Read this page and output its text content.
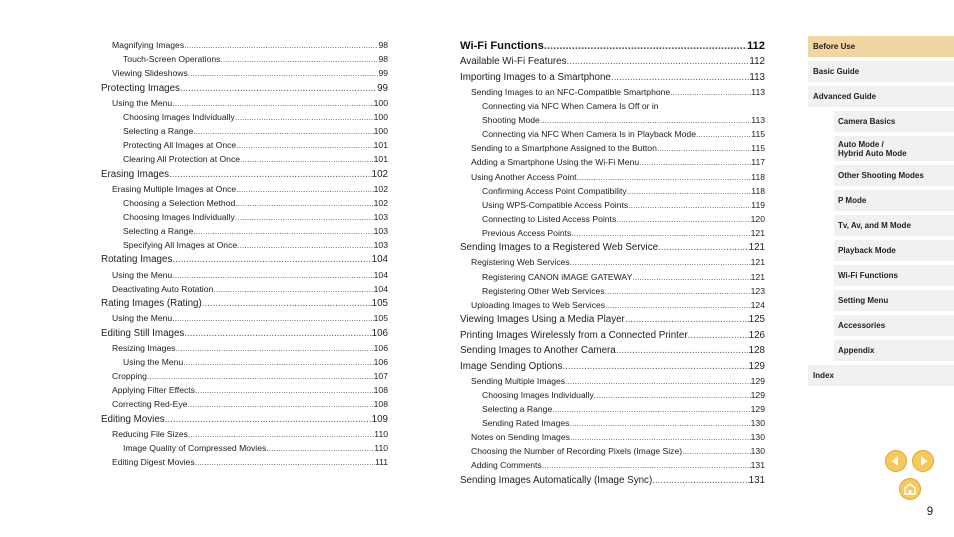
Magnifying Images .....	98
Touch-Screen Operations .....	98
Viewing Slideshows .....	99
Protecting Images .....	99
Using the Menu .....	100
Choosing Images Individually .....	100
Selecting a Range .....	100
Protecting All Images at Once .....	101
Clearing All Protection at Once .....	101
Erasing Images .....	102
Erasing Multiple Images at Once .....	102
Choosing a Selection Method .....	102
Choosing Images Individually .....	103
Selecting a Range .....	103
Specifying All Images at Once .....	103
Rotating Images .....	104
Using the Menu .....	104
Deactivating Auto Rotation .....	104
Rating Images (Rating) .....	105
Using the Menu .....	105
Editing Still Images .....	106
Resizing Images .....	106
Using the Menu .....	106
Cropping .....	107
Applying Filter Effects .....	108
Correcting Red-Eye .....	108
Editing Movies .....	109
Reducing File Sizes .....	110
Image Quality of Compressed Movies .....	110
Editing Digest Movies .....	111
Wi-Fi Functions .....	112
Available Wi-Fi Features .....	112
Importing Images to a Smartphone .....	113
Sending Images to an NFC-Compatible Smartphone .....	113
Connecting via NFC When Camera Is Off or in
Shooting Mode .....	113
Connecting via NFC When Camera Is in Playback Mode .....	115
Sending to a Smartphone Assigned to the Button .....	115
Adding a Smartphone Using the Wi-Fi Menu .....	117
Using Another Access Point .....	118
Confirming Access Point Compatibility .....	118
Using WPS-Compatible Access Points .....	119
Connecting to Listed Access Points .....	120
Previous Access Points .....	121
Sending Images to a Registered Web Service .....	121
Registering Web Services .....	121
Registering CANON iMAGE GATEWAY .....	121
Registering Other Web Services .....	123
Uploading Images to Web Services .....	124
Viewing Images Using a Media Player .....	125
Printing Images Wirelessly from a Connected Printer .....	126
Sending Images to Another Camera .....	128
Image Sending Options .....	129
Sending Multiple Images .....	129
Choosing Images Individually .....	129
Selecting a Range .....	129
Sending Rated Images .....	130
Notes on Sending Images .....	130
Choosing the Number of Recording Pixels (Image Size) .....	130
Adding Comments .....	131
Sending Images Automatically (Image Sync) .....	131
Before Use
Basic Guide
Advanced Guide
Camera Basics
Auto Mode /
Hybrid Auto Mode
Other Shooting Modes
P Mode
Tv, Av, and M Mode
Playback Mode
Wi-Fi Functions
Setting Menu
Accessories
Appendix
Index
9
